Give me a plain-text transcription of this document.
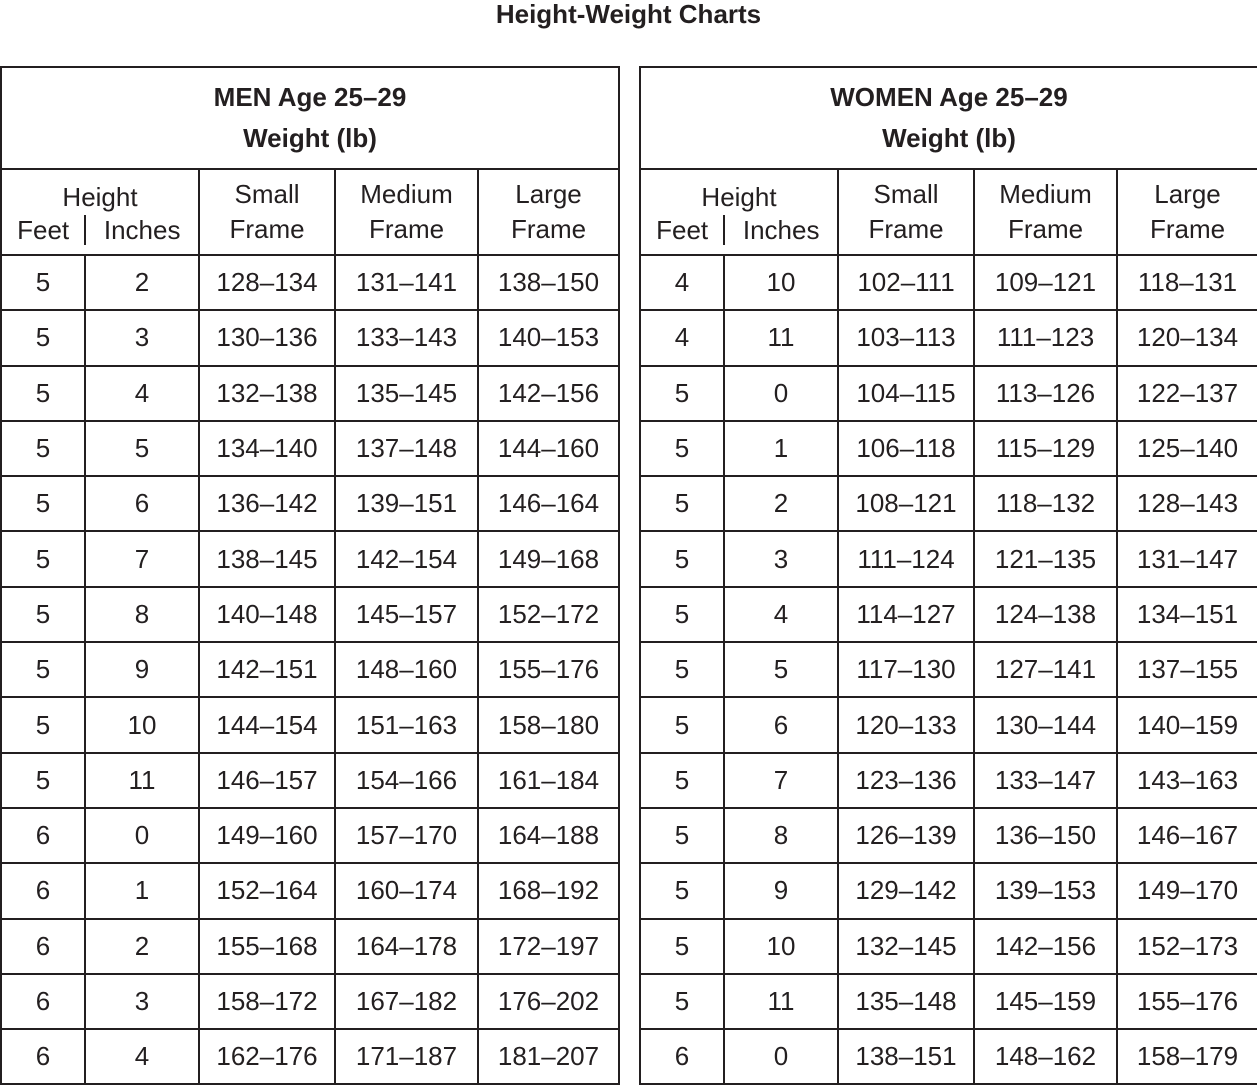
Height-Weight Charts
MEN Age 25–29
Weight (lb)				

Height
Feet Inches		Small
Frame	Medium
Frame	Large
Frame

5	2	128–134	131–141	138–150
5	3	130–136	133–143	140–153
5	4	132–138	135–145	142–156
5	5	134–140	137–148	144–160
5	6	136–142	139–151	146–164
5	7	138–145	142–154	149–168
5	8	140–148	145–157	152–172
5	9	142–151	148–160	155–176
5	10	144–154	151–163	158–180
5	11	146–157	154–166	161–184
6	0	149–160	157–170	164–188
6	1	152–164	160–174	168–192
6	2	155–168	164–178	172–197
6	3	158–172	167–182	176–202
6	4	162–176	171–187	181–207
WOMEN Age 25–29
Weight (lb)				

Height
Feet Inches		Small
Frame	Medium
Frame	Large
Frame

4	10	102–111	109–121	118–131
4	11	103–113	111–123	120–134
5	0	104–115	113–126	122–137
5	1	106–118	115–129	125–140
5	2	108–121	118–132	128–143
5	3	111–124	121–135	131–147
5	4	114–127	124–138	134–151
5	5	117–130	127–141	137–155
5	6	120–133	130–144	140–159
5	7	123–136	133–147	143–163
5	8	126–139	136–150	146–167
5	9	129–142	139–153	149–170
5	10	132–145	142–156	152–173
5	11	135–148	145–159	155–176
6	0	138–151	148–162	158–179
